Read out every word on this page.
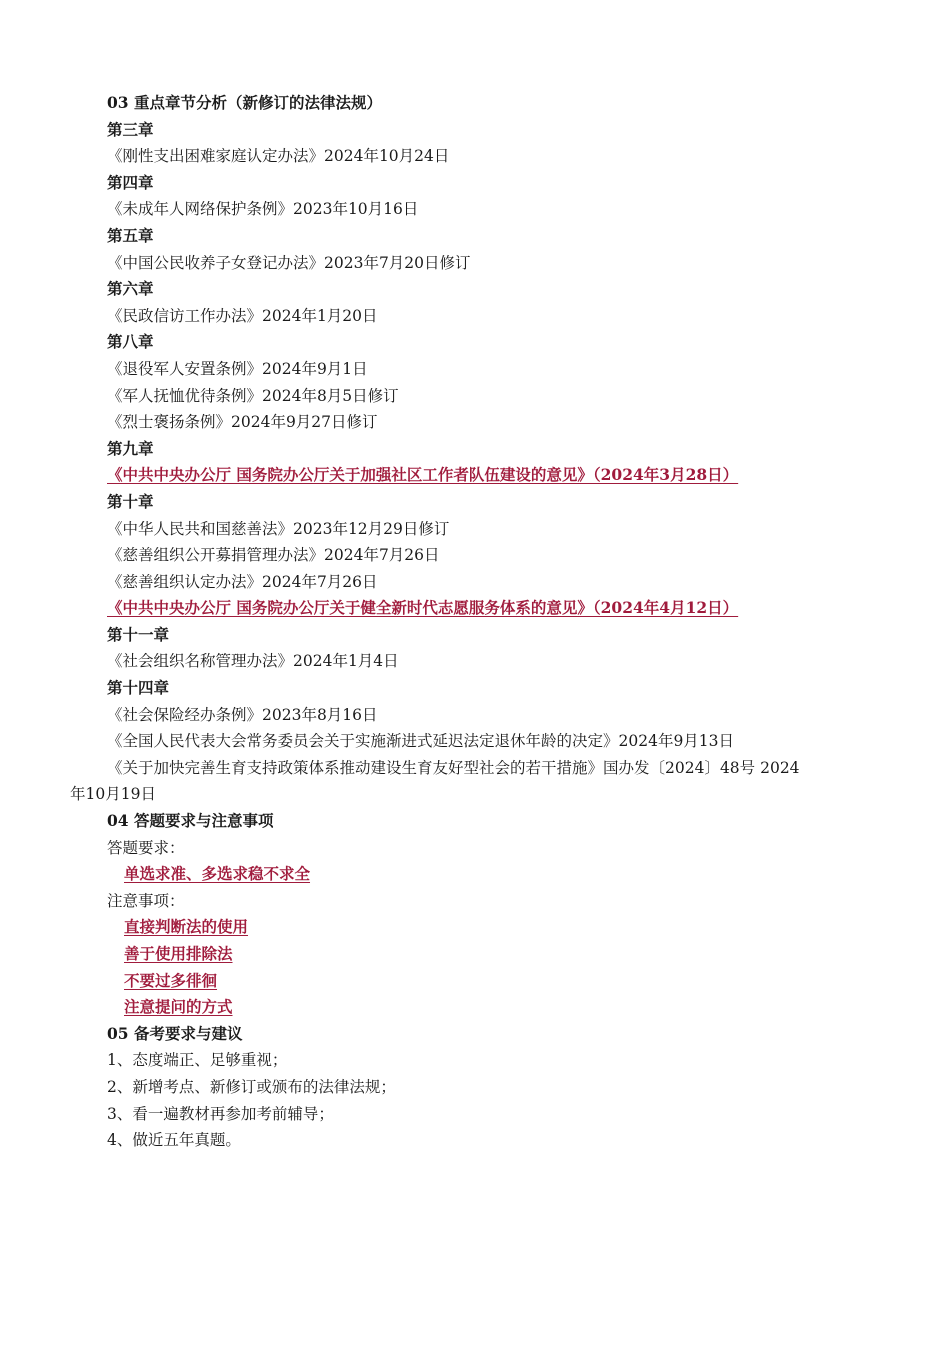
03 重点章节分析（新修订的法律法规）
第三章
《刚性支出困难家庭认定办法》2024年10月24日
第四章
《未成年人网络保护条例》2023年10月16日
第五章
《中国公民收养子女登记办法》2023年7月20日修订
第六章
《民政信访工作办法》2024年1月20日
第八章
《退役军人安置条例》2024年9月1日
《军人抚恤优待条例》2024年8月5日修订
《烈士褒扬条例》2024年9月27日修订
第九章
《中共中央办公厅 国务院办公厅关于加强社区工作者队伍建设的意见》（2024年3月28日）
第十章
《中华人民共和国慈善法》2023年12月29日修订
《慈善组织公开募捐管理办法》2024年7月26日
《慈善组织认定办法》2024年7月26日
《中共中央办公厅 国务院办公厅关于健全新时代志愿服务体系的意见》（2024年4月12日）
第十一章
《社会组织名称管理办法》2024年1月4日
第十四章
《社会保险经办条例》2023年8月16日
《全国人民代表大会常务委员会关于实施渐进式延迟法定退休年龄的决定》2024年9月13日
《关于加快完善生育支持政策体系推动建设生育友好型社会的若干措施》国办发〔2024〕48号 2024
年10月19日
04 答题要求与注意事项
答题要求：
单选求准、多选求稳不求全
注意事项：
直接判断法的使用
善于使用排除法
不要过多徘徊
注意提问的方式
05 备考要求与建议
1、态度端正、足够重视；
2、新增考点、新修订或颁布的法律法规；
3、看一遍教材再参加考前辅导；
4、做近五年真题。
